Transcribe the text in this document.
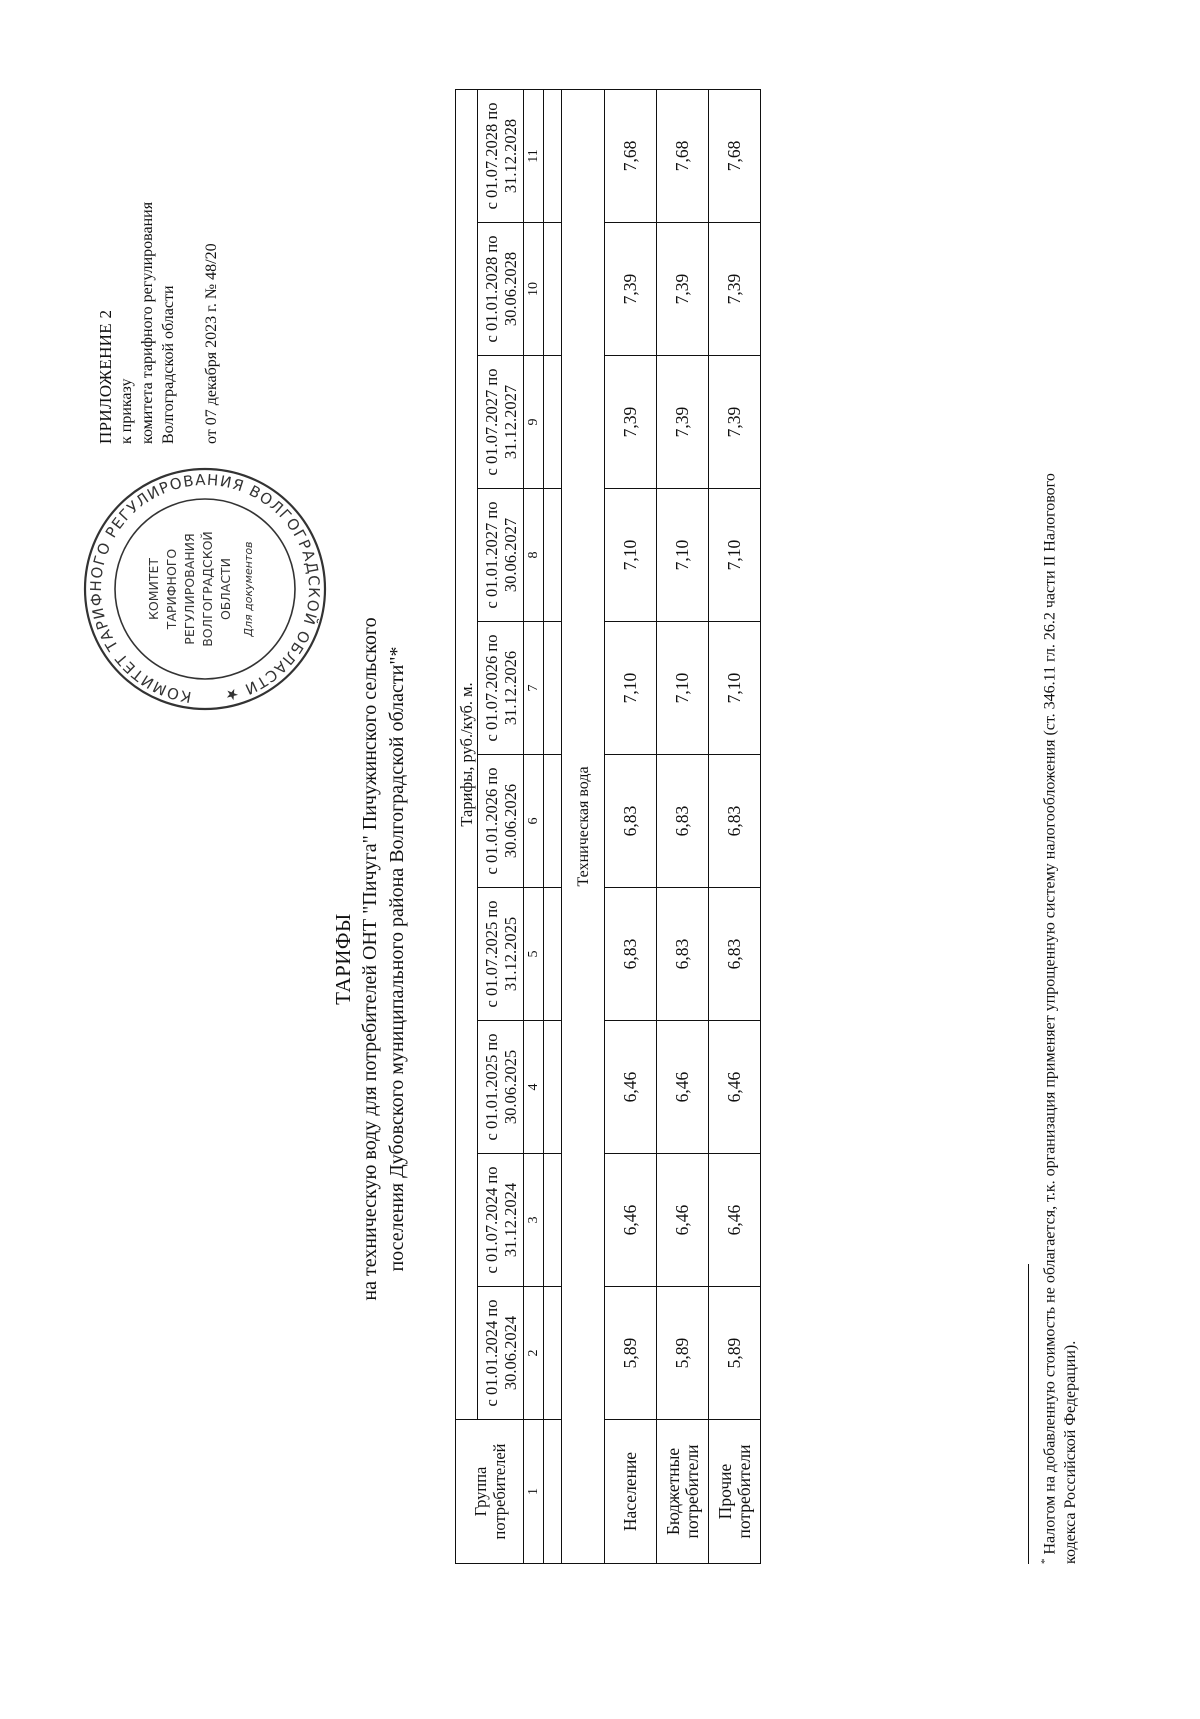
КОМИТЕТ ТАРИФНОГО РЕГУЛИРОВАНИЯ ВОЛГОГРАДСКОЙ ОБЛАСТИ ★
КОМИТЕТ ТАРИФНОГО РЕГУЛИРОВАНИЯ ВОЛГОГРАДСКОЙ ОБЛАСТИ Для документов
ПРИЛОЖЕНИЕ 2 к приказу комитета тарифного регулирования Волгоградской области от 07 декабря 2023 г. № 48/20
ТАРИФЫ на техническую воду для потребителей ОНТ "Пичуга" Пичужинского сельского поселения Дубовского муниципального района Волгоградской области"*
Группа потребителей	Тарифы, руб./куб. м.									
	с 01.01.2024 по 30.06.2024	с 01.07.2024 по 31.12.2024	с 01.01.2025 по 30.06.2025	с 01.07.2025 по 31.12.2025	с 01.01.2026 по 30.06.2026	с 01.07.2026 по 31.12.2026	с 01.01.2027 по 30.06.2027	с 01.07.2027 по 31.12.2027	с 01.01.2028 по 30.06.2028	с 01.07.2028 по 31.12.2028
1	2	3	4	5	6	7	8	9	10	11

Техническая вода										
Население	5,89	6,46	6,46	6,83	6,83	7,10	7,10	7,39	7,39	7,68
Бюджетные потребители	5,89	6,46	6,46	6,83	6,83	7,10	7,10	7,39	7,39	7,68
Прочие потребители	5,89	6,46	6,46	6,83	6,83	7,10	7,10	7,39	7,39	7,68
* Налогом на добавленную стоимость не облагается, т.к. организация применяет упрощенную систему налогообложения (ст. 346.11 гл. 26.2 части II Налогового кодекса Российской Федерации).
